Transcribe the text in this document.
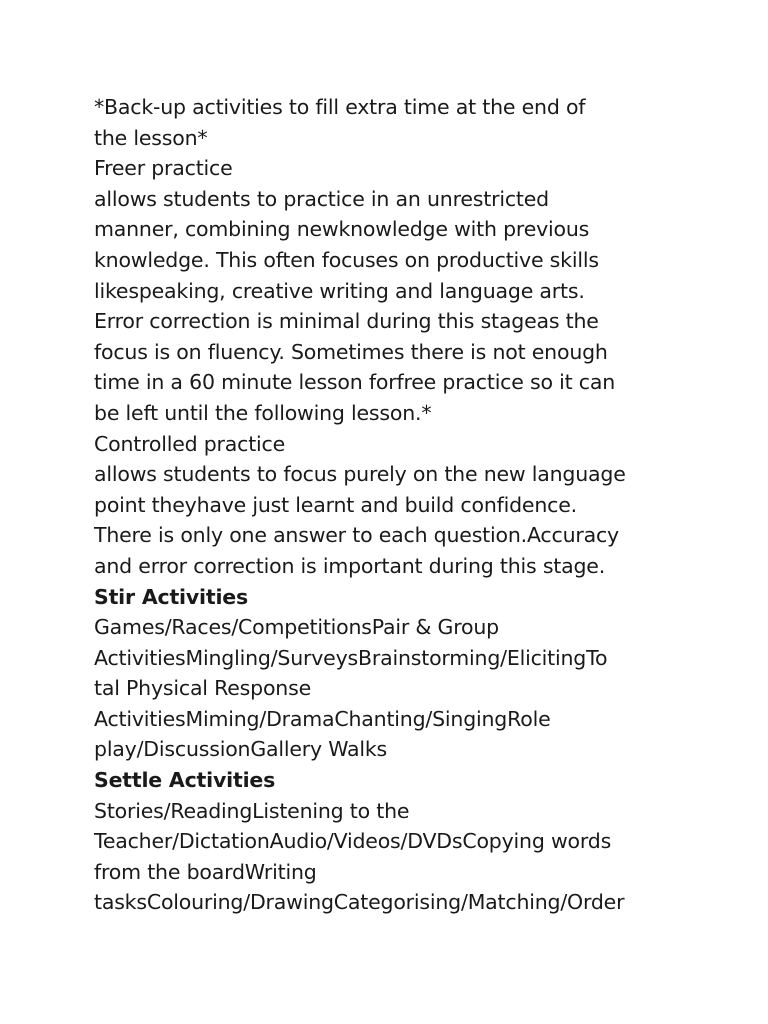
*Back-up activities to fill extra time at the end of
the lesson*
Freer practice
allows students to practice in an unrestricted
manner, combining newknowledge with previous
knowledge. This often focuses on productive skills
likespeaking, creative writing and language arts.
Error correction is minimal during this stageas the
focus is on fluency. Sometimes there is not enough
time in a 60 minute lesson forfree practice so it can
be left until the following lesson.*
Controlled practice
allows students to focus purely on the new language
point theyhave just learnt and build confidence.
There is only one answer to each question.Accuracy
and error correction is important during this stage.
Stir Activities
Games/Races/CompetitionsPair & Group
ActivitiesMingling/SurveysBrainstorming/ElicitingTo
tal Physical Response
ActivitiesMiming/DramaChanting/SingingRole
play/DiscussionGallery Walks
Settle Activities
Stories/ReadingListening to the
Teacher/DictationAudio/Videos/DVDsCopying words
from the boardWriting
tasksColouring/DrawingCategorising/Matching/Order
